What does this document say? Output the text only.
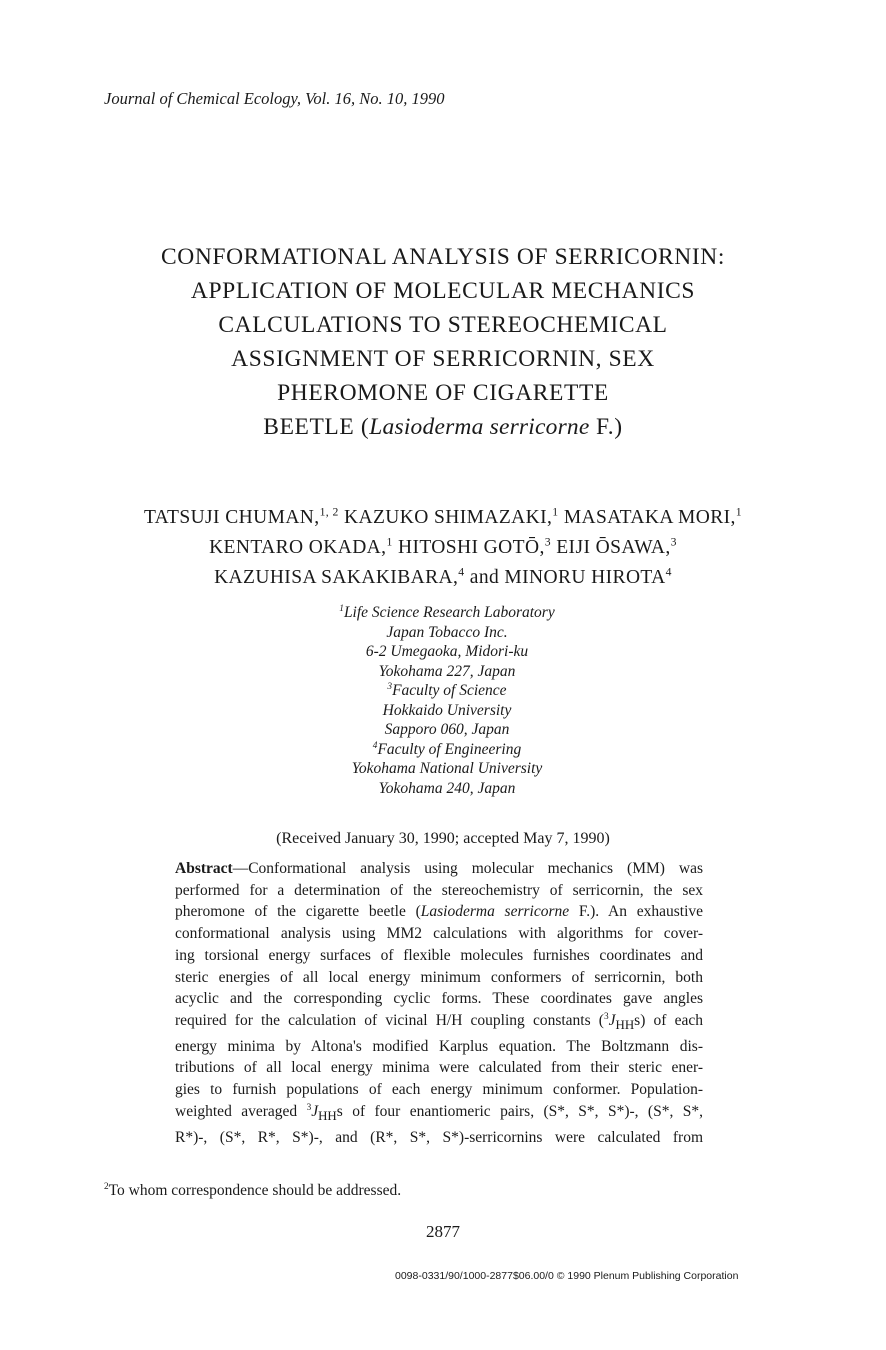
Journal of Chemical Ecology, Vol. 16, No. 10, 1990
CONFORMATIONAL ANALYSIS OF SERRICORNIN:
APPLICATION OF MOLECULAR MECHANICS
CALCULATIONS TO STEREOCHEMICAL
ASSIGNMENT OF SERRICORNIN, SEX
PHEROMONE OF CIGARETTE
BEETLE (Lasioderma serricorne F.)
TATSUJI CHUMAN,$^{1, 2}$ KAZUKO SHIMAZAKI,$^1$ MASATAKA MORI,$^1$
KENTARO OKADA,$^1$ HITOSHI GOTŌ,$^3$ EIJI ŌSAWA,$^3$
KAZUHISA SAKAKIBARA,$^4$ and MINORU HIROTA$^4$
$^1$Life Science Research Laboratory
Japan Tobacco Inc.
6-2 Umegaoka, Midori-ku
Yokohama 227, Japan
$^3$Faculty of Science
Hokkaido University
Sapporo 060, Japan
$^4$Faculty of Engineering
Yokohama National University
Yokohama 240, Japan
(Received January 30, 1990; accepted May 7, 1990)
Abstract—Conformational analysis using molecular mechanics (MM) was
performed for a determination of the stereochemistry of serricornin, the sex
pheromone of the cigarette beetle (Lasioderma serricorne F.). An exhaustive
conformational analysis using MM2 calculations with algorithms for cover-
ing torsional energy surfaces of flexible molecules furnishes coordinates and
steric energies of all local energy minimum conformers of serricornin, both
acyclic and the corresponding cyclic forms. These coordinates gave angles
required for the calculation of vicinal H/H coupling constants $(^3J_{HH}s)$ of each
energy minima by Altona's modified Karplus equation. The Boltzmann dis-
tributions of all local energy minima were calculated from their steric ener-
gies to furnish populations of each energy minimum conformer. Population-
weighted averaged $^3J_{HH}s$ of four enantiomeric pairs, (S*, S*, S*)-, (S*, S*,
R*)-, (S*, R*, S*)-, and (R*, S*, S*)-serricornins were calculated from
$^2$To whom correspondence should be addressed.
2877
0098-0331/90/1000-2877$06.00/0 © 1990 Plenum Publishing Corporation
